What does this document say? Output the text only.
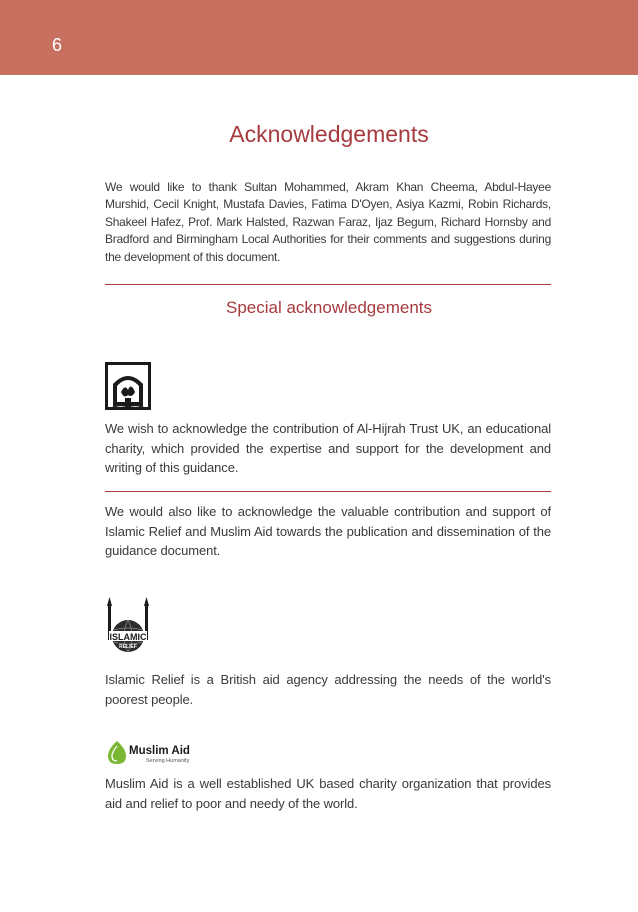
6
Acknowledgements

We would like to thank Sultan Mohammed, Akram Khan Cheema, Abdul-Hayee Murshid, Cecil Knight, Mustafa Davies, Fatima D'Oyen, Asiya Kazmi, Robin Richards, Shakeel Hafez, Prof. Mark Halsted, Razwan Faraz, Ijaz Begum, Richard Hornsby and Bradford and Birmingham Local Authorities for their comments and suggestions during the development of this document.

Special acknowledgements

We wish to acknowledge the contribution of Al-Hijrah Trust UK, an educational charity, which provided the expertise and support for the development and writing of this guidance.

We would also like to acknowledge the valuable contribution and support of Islamic Relief and Muslim Aid towards the publication and dissemination of the guidance document.

ISLAMIC
RELIEF

Islamic Relief is a British aid agency addressing the needs of the world's poorest people.

Muslim Aid
Serving Humanity

Muslim Aid is a well established UK based charity organization that provides aid and relief to poor and needy of the world.
